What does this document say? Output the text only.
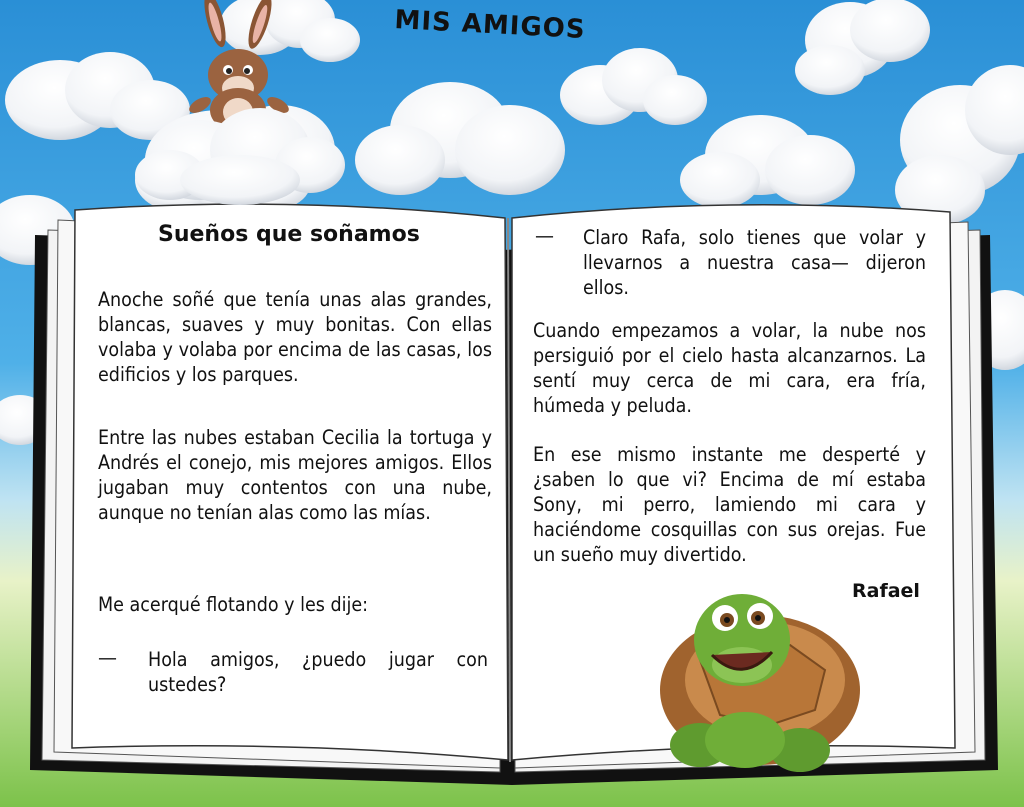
MIS AMIGOS
Sueños que soñamos

Anoche soñé que tenía unas alas grandes, blancas, suaves y muy bonitas. Con ellas volaba y volaba por encima de las casas, los edificios y los parques.

Entre las nubes estaban Cecilia la tortuga y Andrés el conejo, mis mejores amigos. Ellos jugaban muy contentos con una nube, aunque no tenían alas como las mías.

Me acerqué flotando y les dije:

— Hola amigos, ¿puedo jugar con ustedes?

— Claro Rafa, solo tienes que volar y llevarnos a nuestra casa— dijeron ellos.

Cuando empezamos a volar, la nube nos persiguió por el cielo hasta alcanzarnos. La sentí muy cerca de mi cara, era fría, húmeda y peluda.

En ese mismo instante me desperté y ¿saben lo que vi? Encima de mí estaba Sony, mi perro, lamiendo mi cara y haciéndome cosquillas con sus orejas. Fue un sueño muy divertido.

Rafael
